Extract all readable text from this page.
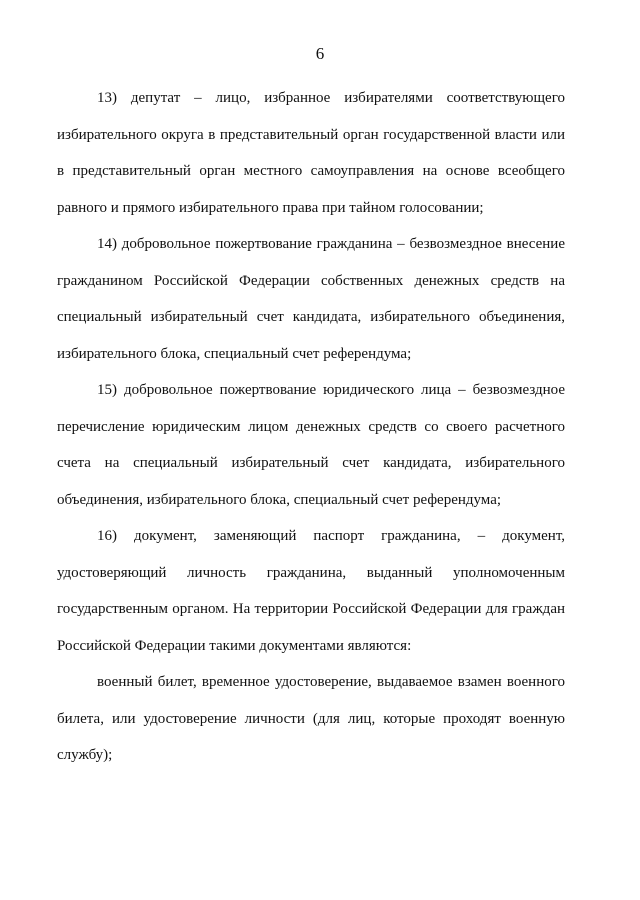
6

13) депутат – лицо, избранное избирателями соответствующего избирательного округа в представительный орган государственной власти или в представительный орган местного самоуправления на основе всеобщего равного и прямого избирательного права при тайном голосовании;

14) добровольное пожертвование гражданина – безвозмездное внесение гражданином Российской Федерации собственных денежных средств на специальный избирательный счет кандидата, избирательного объединения, избирательного блока, специальный счет референдума;

15) добровольное пожертвование юридического лица – безвозмездное перечисление юридическим лицом денежных средств со своего расчетного счета на специальный избирательный счет кандидата, избирательного объединения, избирательного блока, специальный счет референдума;

16) документ, заменяющий паспорт гражданина, – документ, удостоверяющий личность гражданина, выданный уполномоченным государственным органом. На территории Российской Федерации для граждан Российской Федерации такими документами являются:

военный билет, временное удостоверение, выдаваемое взамен военного билета, или удостоверение личности (для лиц, которые проходят военную службу);
